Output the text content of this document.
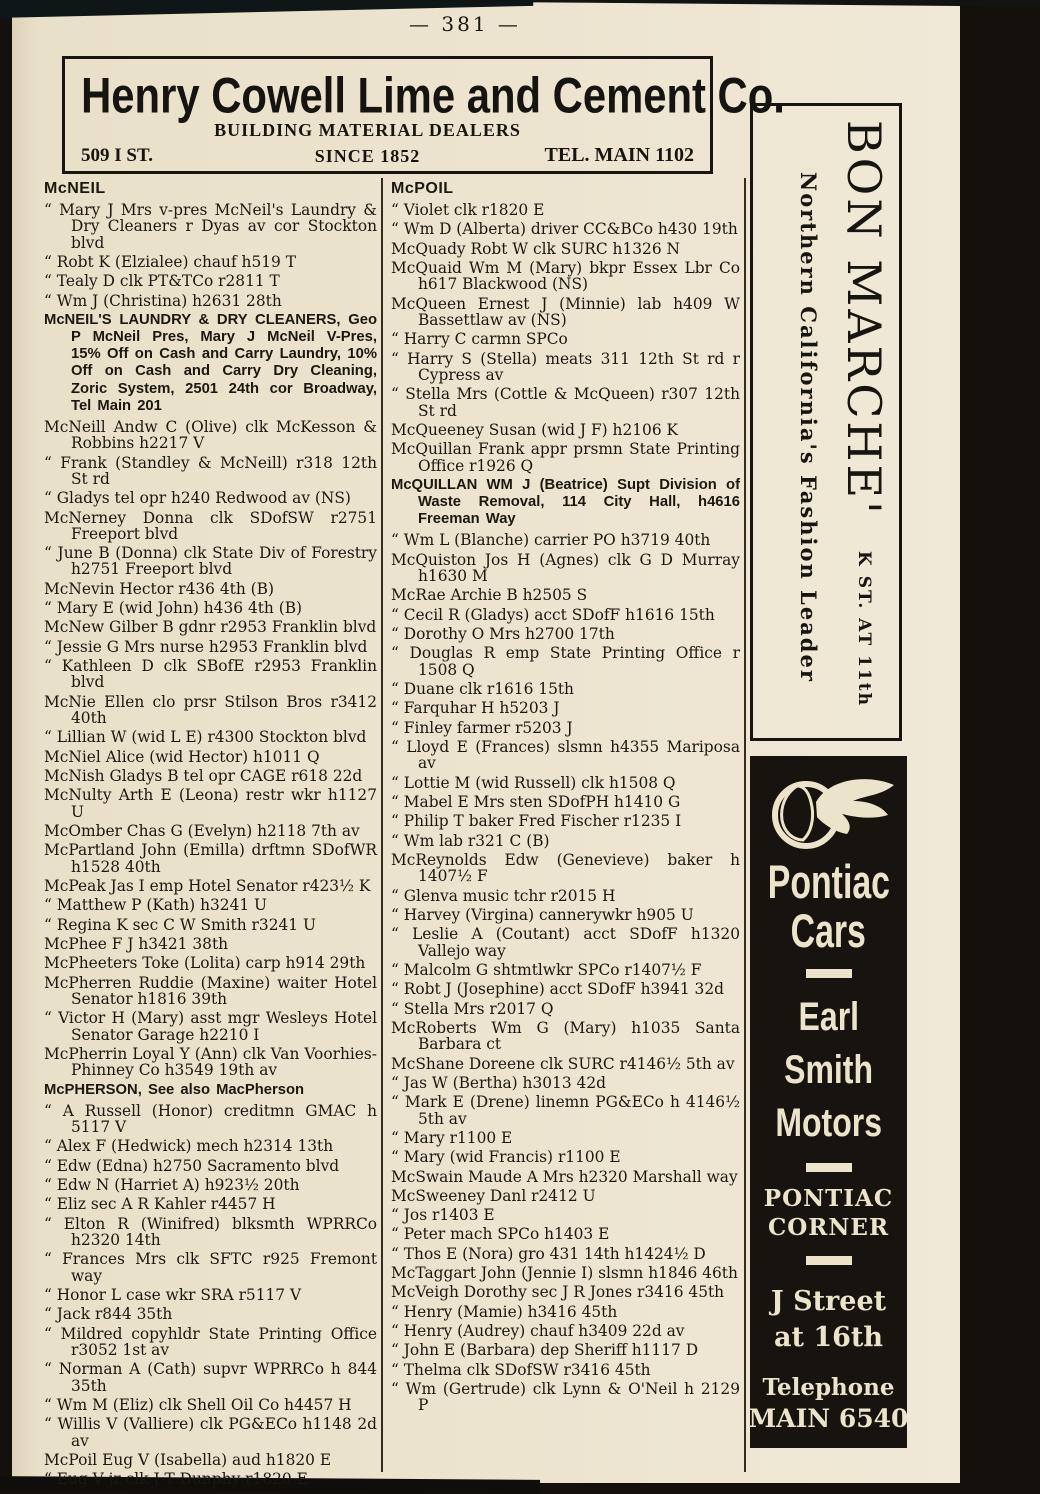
— 381 —
Henry Cowell Lime and Cement Co.
509 I ST.
BUILDING MATERIAL DEALERS
SINCE 1852	TEL. MAIN 1102

McNEIL

“ Mary J Mrs v-pres McNeil's Laundry & Dry Cleaners r Dyas av cor Stockton blvd

“ Robt K (Elzialee) chauf h519 T

“ Tealy D clk PT&TCo r2811 T

“ Wm J (Christina) h2631 28th

McNEIL'S LAUNDRY & DRY CLEANERS, Geo P McNeil Pres, Mary J McNeil V-Pres, 15% Off on Cash and Carry Laundry, 10% Off on Cash and Carry Dry Cleaning, Zoric System, 2501 24th cor Broadway, Tel Main 201

McNeill Andw C (Olive) clk McKesson & Robbins h2217 V

“ Frank (Standley & McNeill) r318 12th St rd

“ Gladys tel opr h240 Redwood av (NS)

McNerney Donna clk SDofSW r2751 Freeport blvd

“ June B (Donna) clk State Div of Forestry h2751 Freeport blvd

McNevin Hector r436 4th (B)

“ Mary E (wid John) h436 4th (B)

McNew Gilber B gdnr r2953 Franklin blvd

“ Jessie G Mrs nurse h2953 Franklin blvd

“ Kathleen D clk SBofE r2953 Franklin blvd

McNie Ellen clo prsr Stilson Bros r3412 40th

“ Lillian W (wid L E) r4300 Stockton blvd

McNiel Alice (wid Hector) h1011 Q

McNish Gladys B tel opr CAGE r618 22d

McNulty Arth E (Leona) restr wkr h1127 U

McOmber Chas G (Evelyn) h2118 7th av

McPartland John (Emilla) drftmn SDofWR h1528 40th

McPeak Jas I emp Hotel Senator r423½ K

“ Matthew P (Kath) h3241 U

“ Regina K sec C W Smith r3241 U

McPhee F J h3421 38th

McPheeters Toke (Lolita) carp h914 29th

McPherren Ruddie (Maxine) waiter Hotel Senator h1816 39th

“ Victor H (Mary) asst mgr Wesleys Hotel Senator Garage h2210 I

McPherrin Loyal Y (Ann) clk Van Voorhies-Phinney Co h3549 19th av

McPHERSON, See also MacPherson

“ A Russell (Honor) creditmn GMAC h 5117 V

“ Alex F (Hedwick) mech h2314 13th

“ Edw (Edna) h2750 Sacramento blvd

“ Edw N (Harriet A) h923½ 20th

“ Eliz sec A R Kahler r4457 H

“ Elton R (Winifred) blksmth WPRRCo h2320 14th

“ Frances Mrs clk SFTC r925 Fremont way

“ Honor L case wkr SRA r5117 V

“ Jack r844 35th

“ Mildred copyhldr State Printing Office r3052 1st av

“ Norman A (Cath) supvr WPRRCo h 844 35th

“ Wm M (Eliz) clk Shell Oil Co h4457 H

“ Willis V (Valliere) clk PG&ECo h1148 2d av

McPoil Eug V (Isabella) aud h1820 E

“ Eug V jr clk J T Dunphy r1820 E

McPOIL

“ Violet clk r1820 E

“ Wm D (Alberta) driver CC&BCo h430 19th

McQuady Robt W clk SURC h1326 N

McQuaid Wm M (Mary) bkpr Essex Lbr Co h617 Blackwood (NS)

McQueen Ernest J (Minnie) lab h409 W Bassettlaw av (NS)

“ Harry C carmn SPCo

“ Harry S (Stella) meats 311 12th St rd r Cypress av

“ Stella Mrs (Cottle & McQueen) r307 12th St rd

McQueeney Susan (wid J F) h2106 K

McQuillan Frank appr prsmn State Printing Office r1926 Q

McQUILLAN WM J (Beatrice) Supt Division of Waste Removal, 114 City Hall, h4616 Freeman Way

“ Wm L (Blanche) carrier PO h3719 40th

McQuiston Jos H (Agnes) clk G D Murray h1630 M

McRae Archie B h2505 S

“ Cecil R (Gladys) acct SDofF h1616 15th

“ Dorothy O Mrs h2700 17th

“ Douglas R emp State Printing Office r 1508 Q

“ Duane clk r1616 15th

“ Farquhar H h5203 J

“ Finley farmer r5203 J

“ Lloyd E (Frances) slsmn h4355 Mariposa av

“ Lottie M (wid Russell) clk h1508 Q

“ Mabel E Mrs sten SDofPH h1410 G

“ Philip T baker Fred Fischer r1235 I

“ Wm lab r321 C (B)

McReynolds Edw (Genevieve) baker h 1407½ F

“ Glenva music tchr r2015 H

“ Harvey (Virgina) cannerywkr h905 U

“ Leslie A (Coutant) acct SDofF h1320 Vallejo way

“ Malcolm G shtmtlwkr SPCo r1407½ F

“ Robt J (Josephine) acct SDofF h3941 32d

“ Stella Mrs r2017 Q

McRoberts Wm G (Mary) h1035 Santa Barbara ct

McShane Doreene clk SURC r4146½ 5th av

“ Jas W (Bertha) h3013 42d

“ Mark E (Drene) linemn PG&ECo h 4146½ 5th av

“ Mary r1100 E

“ Mary (wid Francis) r1100 E

McSwain Maude A Mrs h2320 Marshall way

McSweeney Danl r2412 U

“ Jos r1403 E

“ Peter mach SPCo h1403 E

“ Thos E (Nora) gro 431 14th h1424½ D

McTaggart John (Jennie I) slsmn h1846 46th

McVeigh Dorothy sec J R Jones r3416 45th

“ Henry (Mamie) h3416 45th

“ Henry (Audrey) chauf h3409 22d av

“ John E (Barbara) dep Sheriff h1117 D

“ Thelma clk SDofSW r3416 45th

“ Wm (Gertrude) clk Lynn & O'Neil h 2129 P

BON MARCHE' K ST. AT 11th
Northern California's Fashion Leader
Pontiac
Cars
Earl
Smith
Motors
PONTIAC
CORNER
J Street
at 16th
Telephone
MAIN 6540
